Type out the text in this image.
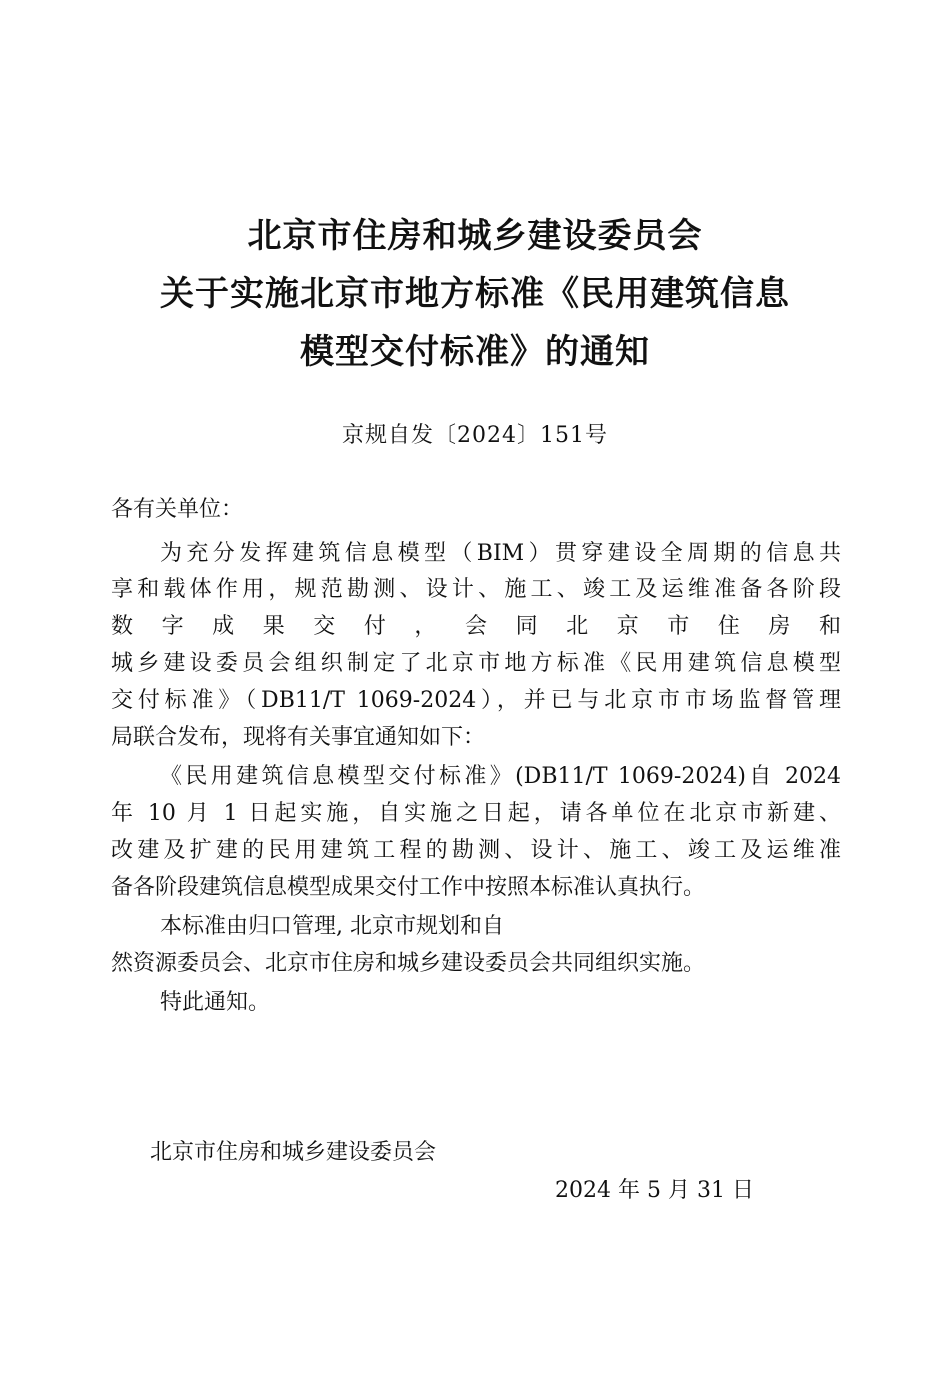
北京市住房和城乡建设委员会
关于实施北京市地方标准《民用建筑信息
模型交付标准》的通知
京规自发〔2024〕151号
各有关单位：
为充分发挥建筑信息模型（BIM）贯穿建设全周期的信息共
享和载体作用，规范勘测、设计、施工、竣工及运维准备各阶段
数 字 成 果 交 付 ， 会 同 北 京 市 住 房 和
城乡建设委员会组织制定了北京市地方标准《民用建筑信息模型
交付标准》（DB11/T 1069-2024），并已与北京市市场监督管理
局联合发布，现将有关事宜通知如下：
《民用建筑信息模型交付标准》(DB11/T 1069-2024)自 2024
年 10 月 1 日起实施，自实施之日起，请各单位在北京市新建、
改建及扩建的民用建筑工程的勘测、设计、施工、竣工及运维准
备各阶段建筑信息模型成果交付工作中按照本标准认真执行。
本标准由归口管理, 北京市规划和自
然资源委员会、北京市住房和城乡建设委员会共同组织实施。
特此通知。
北京市住房和城乡建设委员会
2024 年 5 月 31 日
